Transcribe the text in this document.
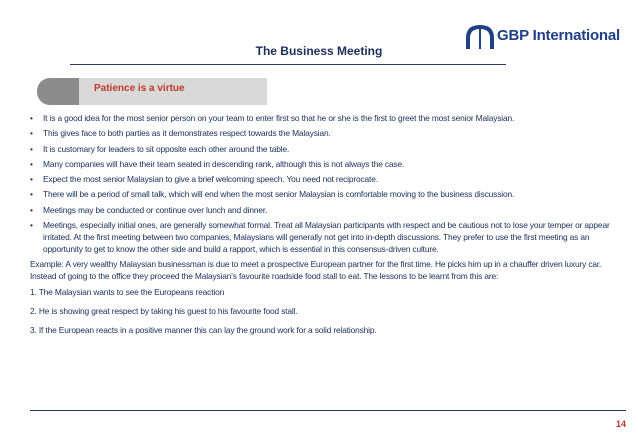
The Business Meeting
GBP International
Patience is a virtue
• It is a good idea for the most senior person on your team to enter first so that he or she is the first to greet the most senior Malaysian.
• This gives face to both parties as it demonstrates respect towards the Malaysian.
• It is customary for leaders to sit opposite each other around the table.
• Many companies will have their team seated in descending rank, although this is not always the case.
• Expect the most senior Malaysian to give a brief welcoming speech. You need not reciprocate.
• There will be a period of small talk, which will end when the most senior Malaysian is comfortable moving to the business discussion.
• Meetings may be conducted or continue over lunch and dinner.
• Meetings, especially initial ones, are generally somewhat formal. Treat all Malaysian participants with respect and be cautious not to lose your temper or appear irritated. At the first meeting between two companies, Malaysians will generally not get into in-depth discussions. They prefer to use the first meeting as an opportunity to get to know the other side and build a rapport, which is essential in this consensus-driven culture.
Example: A very wealthy Malaysian businessman is due to meet a prospective European partner for the first time. He picks him up in a chauffer driven luxury car. Instead of going to the office they proceed the Malaysian's favourite roadside food stall to eat. The lessons to be learnt from this are:
1. The Malaysian wants to see the Europeans reaction
2. He is showing great respect by taking his guest to his favourite food stall.
3. If the European reacts in a positive manner this can lay the ground work for a solid relationship.
14
